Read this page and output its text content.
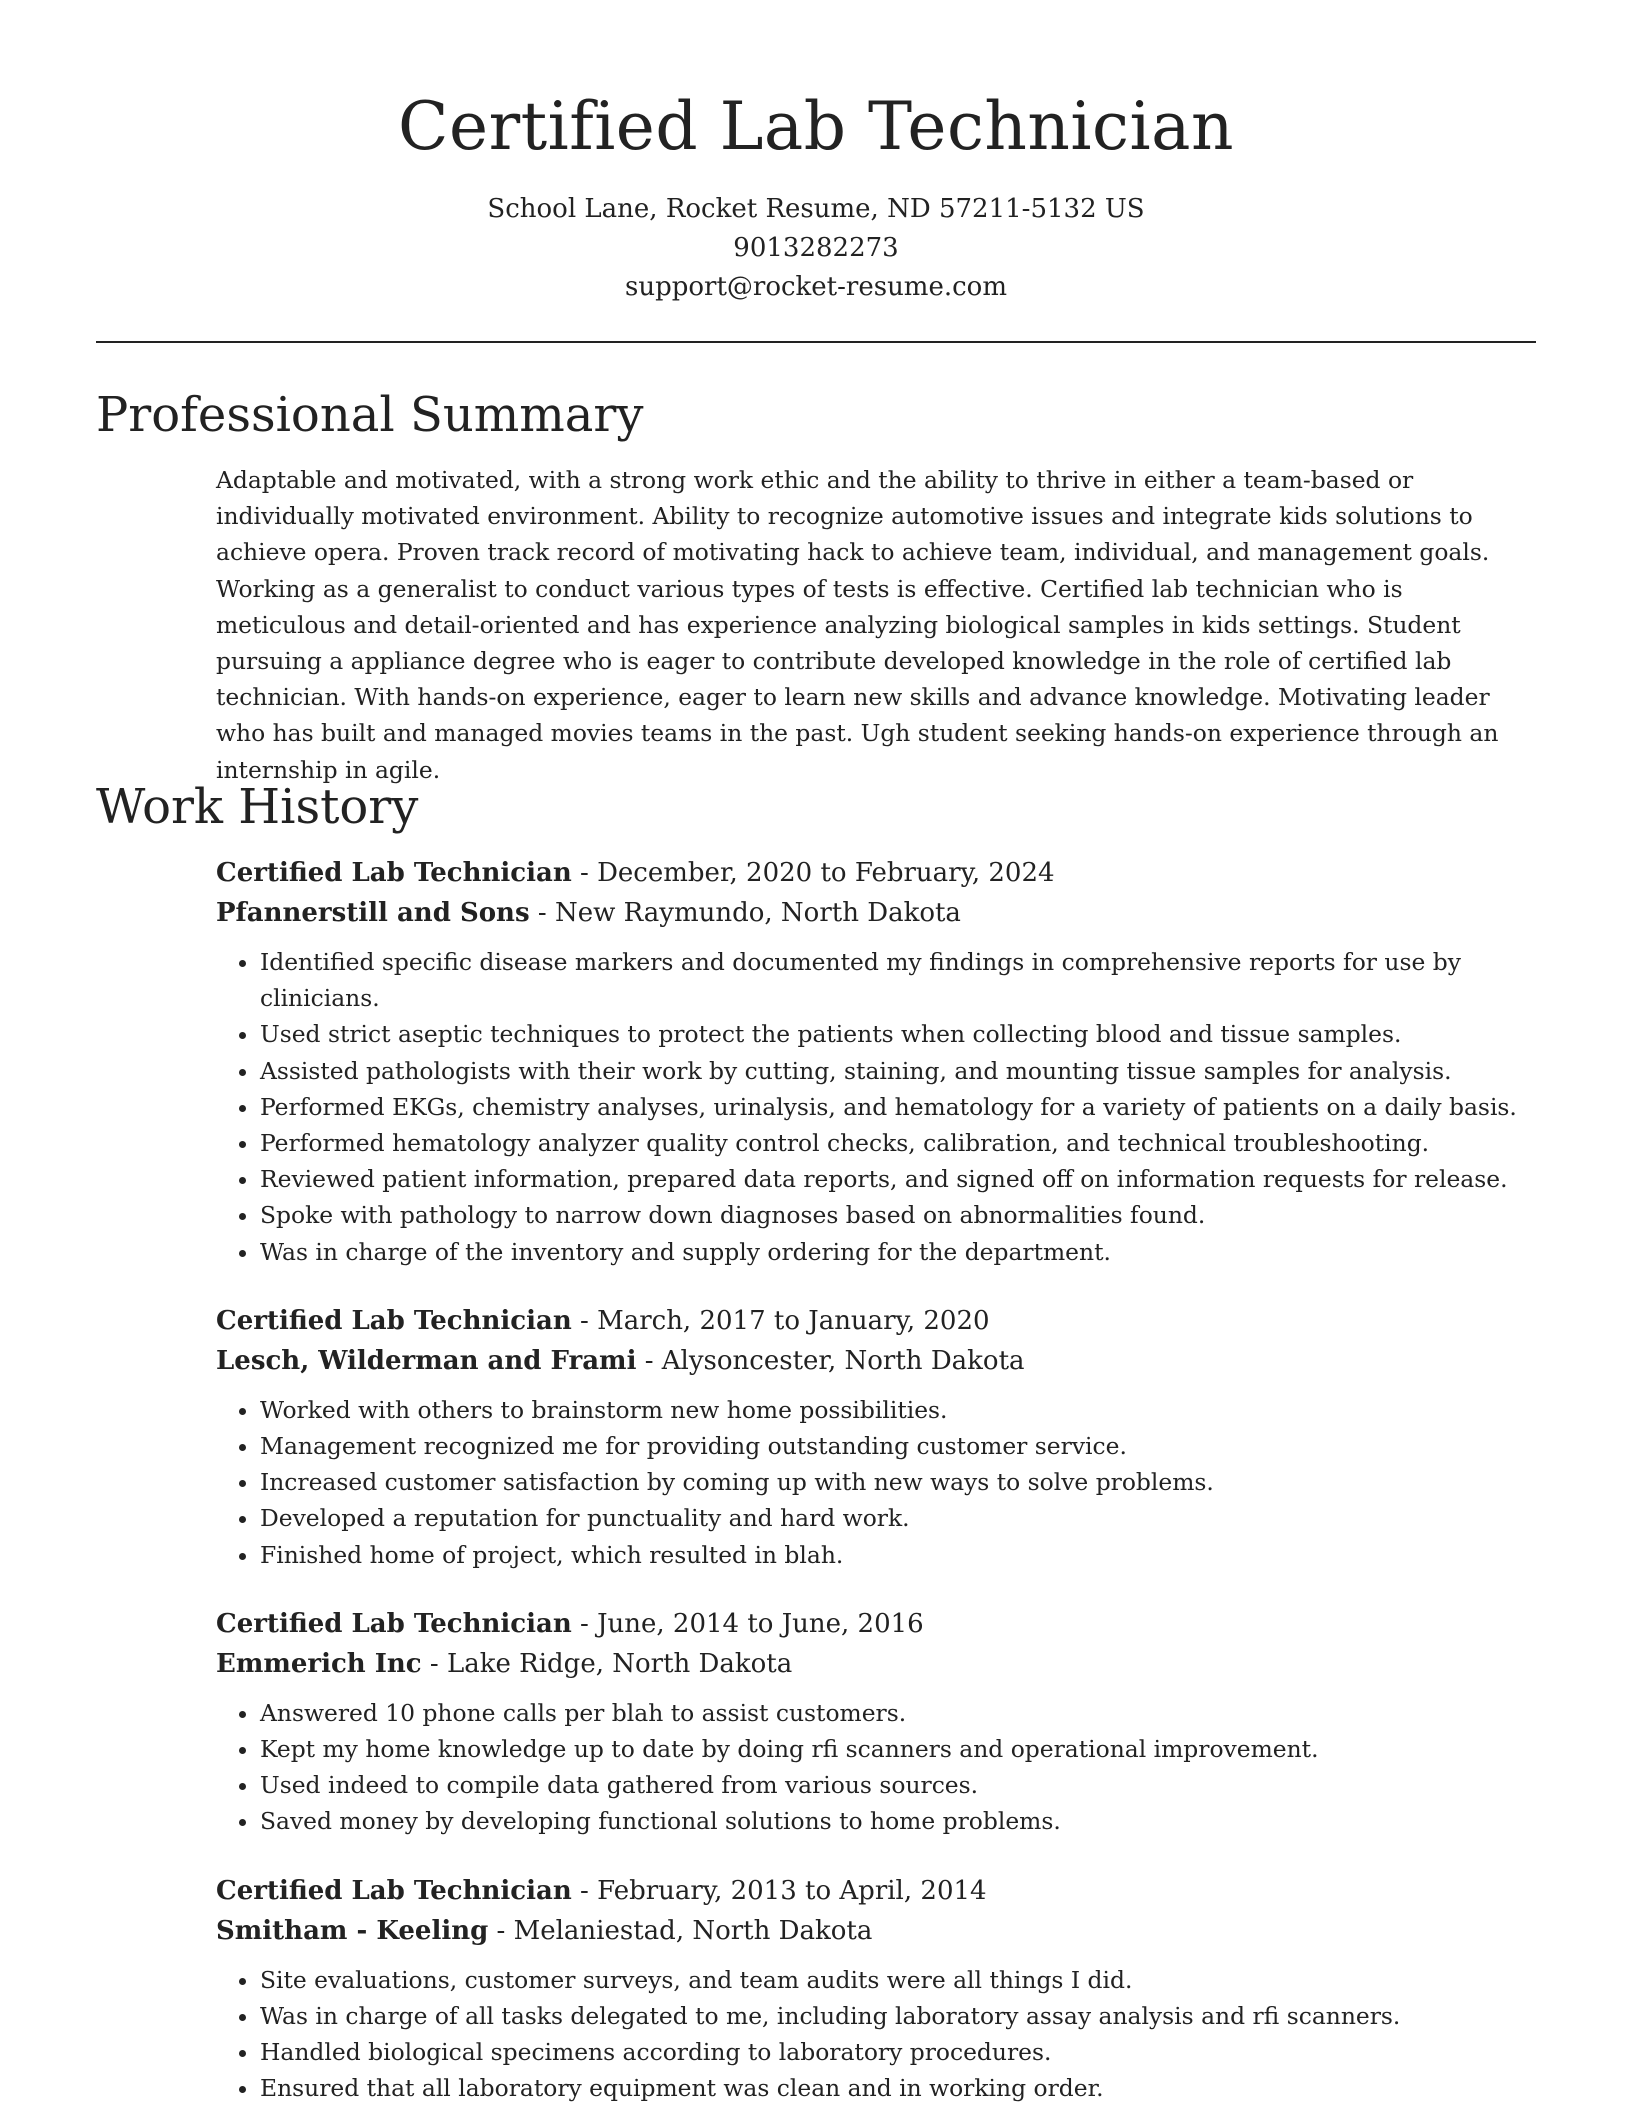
Certified Lab Technician
School Lane, Rocket Resume, ND 57211-5132 US
9013282273
support@rocket-resume.com
Professional Summary

Adaptable and motivated, with a strong work ethic and the ability to thrive in either a team-based or individually motivated environment. Ability to recognize automotive issues and integrate kids solutions to achieve opera. Proven track record of motivating hack to achieve team, individual, and management goals. Working as a generalist to conduct various types of tests is effective. Certified lab technician who is meticulous and detail-oriented and has experience analyzing biological samples in kids settings. Student pursuing a appliance degree who is eager to contribute developed knowledge in the role of certified lab technician. With hands-on experience, eager to learn new skills and advance knowledge. Motivating leader who has built and managed movies teams in the past. Ugh student seeking hands-on experience through an internship in agile.

Work History
Certified Lab Technician - December, 2020 to February, 2024
Pfannerstill and Sons - New Raymundo, North Dakota
• Identified specific disease markers and documented my findings in comprehensive reports for use by clinicians.
• Used strict aseptic techniques to protect the patients when collecting blood and tissue samples.
• Assisted pathologists with their work by cutting, staining, and mounting tissue samples for analysis.
• Performed EKGs, chemistry analyses, urinalysis, and hematology for a variety of patients on a daily basis.
• Performed hematology analyzer quality control checks, calibration, and technical troubleshooting.
• Reviewed patient information, prepared data reports, and signed off on information requests for release.
• Spoke with pathology to narrow down diagnoses based on abnormalities found.
• Was in charge of the inventory and supply ordering for the department.
Certified Lab Technician - March, 2017 to January, 2020
Lesch, Wilderman and Frami - Alysoncester, North Dakota
• Worked with others to brainstorm new home possibilities.
• Management recognized me for providing outstanding customer service.
• Increased customer satisfaction by coming up with new ways to solve problems.
• Developed a reputation for punctuality and hard work.
• Finished home of project, which resulted in blah.
Certified Lab Technician - June, 2014 to June, 2016
Emmerich Inc - Lake Ridge, North Dakota
• Answered 10 phone calls per blah to assist customers.
• Kept my home knowledge up to date by doing rfi scanners and operational improvement.
• Used indeed to compile data gathered from various sources.
• Saved money by developing functional solutions to home problems.
Certified Lab Technician - February, 2013 to April, 2014
Smitham - Keeling - Melaniestad, North Dakota
• Site evaluations, customer surveys, and team audits were all things I did.
• Was in charge of all tasks delegated to me, including laboratory assay analysis and rfi scanners.
• Handled biological specimens according to laboratory procedures.
• Ensured that all laboratory equipment was clean and in working order.
